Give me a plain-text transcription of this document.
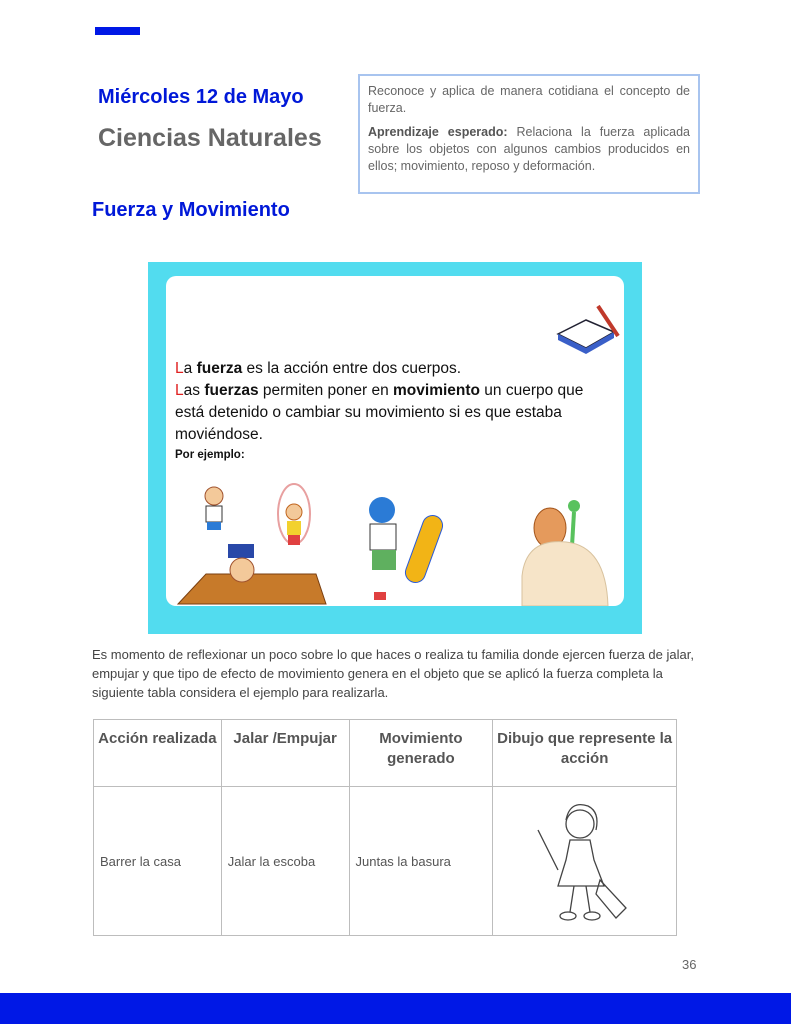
Miércoles 12 de Mayo
Ciencias Naturales

Reconoce y aplica de manera cotidiana el concepto de fuerza.

Aprendizaje esperado: Relaciona la fuerza aplicada sobre los objetos con algunos cambios producidos en ellos; movimiento, reposo y deformación.

Fuerza y Movimiento

La fuerza es la acción entre dos cuerpos.

Las fuerzas permiten poner en movimiento un cuerpo que está detenido o cambiar su movimiento si es que estaba moviéndose.

Por ejemplo:

Es momento de reflexionar un poco sobre lo que haces o realiza tu familia donde ejercen fuerza de jalar, empujar y que tipo de efecto de movimiento genera en el objeto que se aplicó la fuerza completa la siguiente tabla considera el ejemplo para realizarla.
Acción realizada	Jalar /Empujar	Movimiento generado	Dibujo que represente la acción
Barrer la casa	Jalar la escoba	Juntas la basura	
36
